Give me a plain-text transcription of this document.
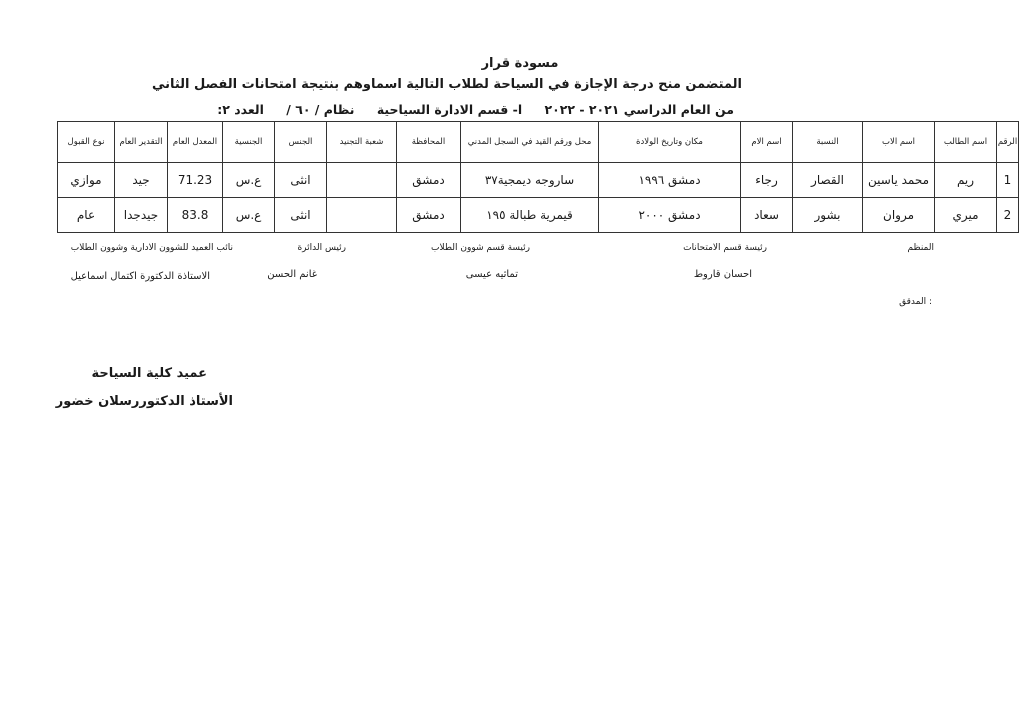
مسودة قرار
المتضمن منح درجة الإجازة في السياحة لطلاب التالية اسماوهم بنتيجة امتحانات الفصل الثاني
من العام الدراسي ٢٠٢١ - ٢٠٢٢ ا- قسم الادارة السياحية نظام / ٦٠ / العدد ٢:
الرقم	اسم الطالب	اسم الاب	النسبة	اسم الام	مكان وتاريخ الولادة	محل ورقم القيد في السجل المدني	المحافظة	شعبة التجنيد	الجنس	الجنسية	المعدل العام	التقدير العام	نوع القبول
1	ريم	محمد ياسين	القصار	رجاء	دمشق ١٩٩٦	ساروجه ديمجية٣٧	دمشق		انثى	ع.س	71.23	جيد	موازي
2	ميري	مروان	بشور	سعاد	دمشق ٢٠٠٠	قيمرية طبالة ١٩٥	دمشق		انثى	ع.س	83.8	جيدجدا	عام
المنظم
رئيسة قسم الامتحانات
رئيسة قسم شوون الطلاب
رئيس الدائرة
نائب العميد للشوون الادارية وشوون الطلاب
احسان قاروط
تماثيه عيسى
غانم الحسن
الاستاذة الدكتورة اكتمال اسماعيل
المدقق :
عميد كلية السياحة
الأستاذ الدكتوررسلان خضور
